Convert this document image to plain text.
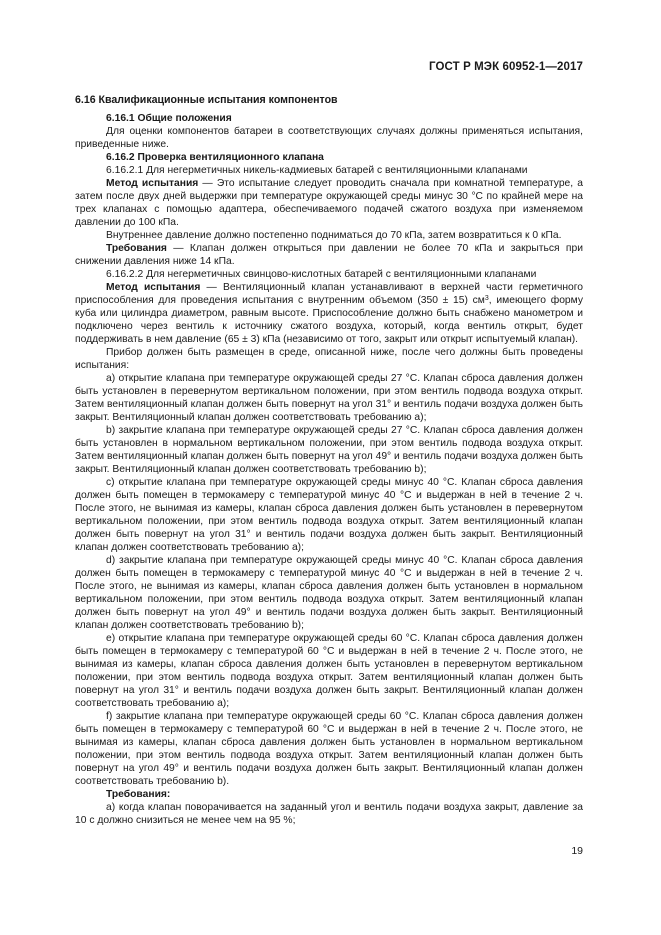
ГОСТ Р МЭК 60952-1—2017

6.16 Квалификационные испытания компонентов

6.16.1 Общие положения

Для оценки компонентов батареи в соответствующих случаях должны применяться испытания, приведенные ниже.

6.16.2 Проверка вентиляционного клапана

6.16.2.1 Для негерметичных никель-кадмиевых батарей с вентиляционными клапанами

Метод испытания — Это испытание следует проводить сначала при комнатной температуре, а затем после двух дней выдержки при температуре окружающей среды минус 30 °С по крайней мере на трех клапанах с помощью адаптера, обеспечиваемого подачей сжатого воздуха при изменяемом давлении до 100 кПа.

Внутреннее давление должно постепенно подниматься до 70 кПа, затем возвратиться к 0 кПа.

Требования — Клапан должен открыться при давлении не более 70 кПа и закрыться при снижении давления ниже 14 кПа.

6.16.2.2 Для негерметичных свинцово-кислотных батарей с вентиляционными клапанами

Метод испытания — Вентиляционный клапан устанавливают в верхней части герметичного приспособления для проведения испытания с внутренним объемом (350 ± 15) $см^3$, имеющего форму куба или цилиндра диаметром, равным высоте. Приспособление должно быть снабжено манометром и подключено через вентиль к источнику сжатого воздуха, который, когда вентиль открыт, будет поддерживать в нем давление (65 ± 3) кПа (независимо от того, закрыт или открыт испытуемый клапан).

Прибор должен быть размещен в среде, описанной ниже, после чего должны быть проведены испытания:

а) открытие клапана при температуре окружающей среды 27 °С. Клапан сброса давления должен быть установлен в перевернутом вертикальном положении, при этом вентиль подвода воздуха открыт. Затем вентиляционный клапан должен быть повернут на угол 31° и вентиль подачи воздуха должен быть закрыт. Вентиляционный клапан должен соответствовать требованию а);

b) закрытие клапана при температуре окружающей среды 27 °С. Клапан сброса давления должен быть установлен в нормальном вертикальном положении, при этом вентиль подвода воздуха открыт. Затем вентиляционный клапан должен быть повернут на угол 49° и вентиль подачи воздуха должен быть закрыт. Вентиляционный клапан должен соответствовать требованию b);

с) открытие клапана при температуре окружающей среды минус 40 °С. Клапан сброса давления должен быть помещен в термокамеру с температурой минус 40 °С и выдержан в ней в течение 2 ч. После этого, не вынимая из камеры, клапан сброса давления должен быть установлен в перевернутом вертикальном положении, при этом вентиль подвода воздуха открыт. Затем вентиляционный клапан должен быть повернут на угол 31° и вентиль подачи воздуха должен быть закрыт. Вентиляционный клапан должен соответствовать требованию а);

d) закрытие клапана при температуре окружающей среды минус 40 °С. Клапан сброса давления должен быть помещен в термокамеру с температурой минус 40 °С и выдержан в ней в течение 2 ч. После этого, не вынимая из камеры, клапан сброса давления должен быть установлен в нормальном вертикальном положении, при этом вентиль подвода воздуха открыт. Затем вентиляционный клапан должен быть повернут на угол 49° и вентиль подачи воздуха должен быть закрыт. Вентиляционный клапан должен соответствовать требованию b);

е) открытие клапана при температуре окружающей среды 60 °С. Клапан сброса давления должен быть помещен в термокамеру с температурой 60 °С и выдержан в ней в течение 2 ч. После этого, не вынимая из камеры, клапан сброса давления должен быть установлен в перевернутом вертикальном положении, при этом вентиль подвода воздуха открыт. Затем вентиляционный клапан должен быть повернут на угол 31° и вентиль подачи воздуха должен быть закрыт. Вентиляционный клапан должен соответствовать требованию а);

f) закрытие клапана при температуре окружающей среды 60 °С. Клапан сброса давления должен быть помещен в термокамеру с температурой 60 °С и выдержан в ней в течение 2 ч. После этого, не вынимая из камеры, клапан сброса давления должен быть установлен в нормальном вертикальном положении, при этом вентиль подвода воздуха открыт. Затем вентиляционный клапан должен быть повернут на угол 49° и вентиль подачи воздуха должен быть закрыт. Вентиляционный клапан должен соответствовать требованию b).

Требования:

а) когда клапан поворачивается на заданный угол и вентиль подачи воздуха закрыт, давление за 10 с должно снизиться не менее чем на 95 %;

19
